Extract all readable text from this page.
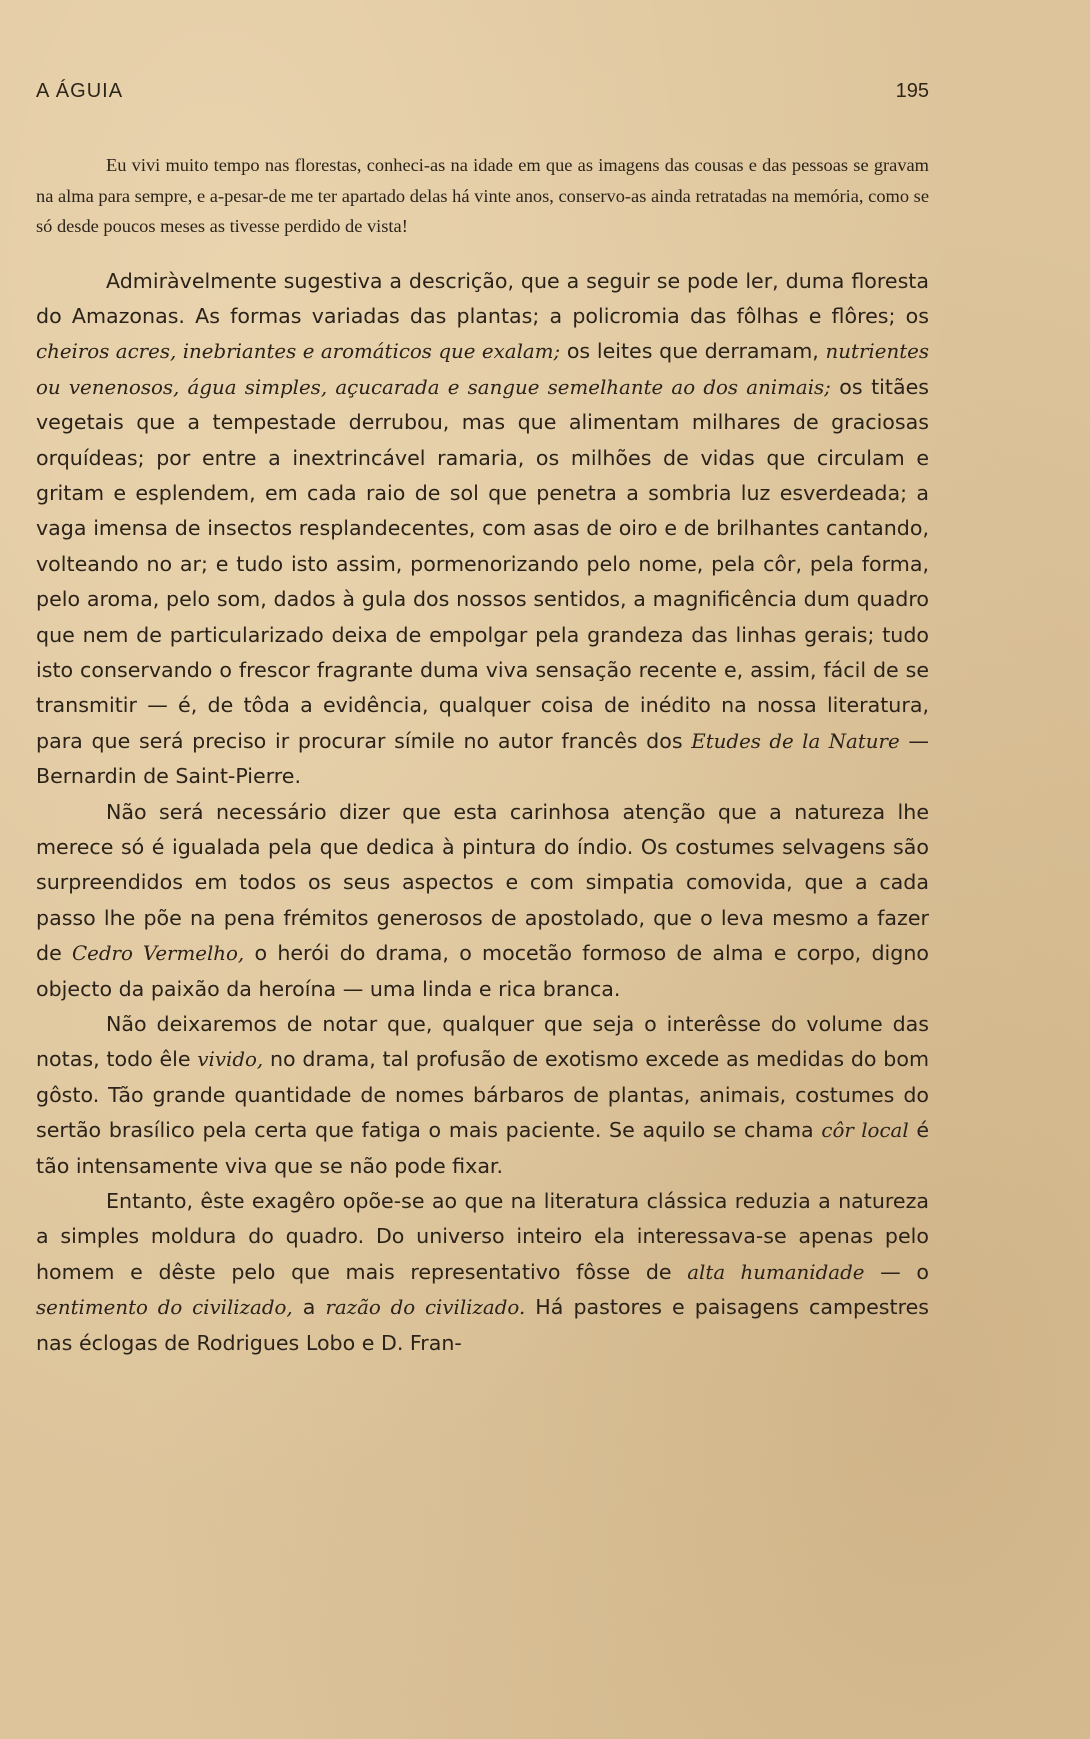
A ÁGUIA	195

Eu vivi muito tempo nas florestas, conheci-as na idade em que as imagens das cousas e das pessoas se gravam na alma para sempre, e a-pesar-de me ter apartado delas há vinte anos, conservo-as ainda retratadas na memória, como se só desde poucos meses as tivesse perdido de vista!

Admiràvelmente sugestiva a descrição, que a seguir se pode ler, duma floresta do Amazonas. As formas variadas das plantas; a policromia das fôlhas e flôres; os cheiros acres, inebriantes e aromáticos que exalam; os leites que derramam, nutrientes ou venenosos, água simples, açucarada e sangue semelhante ao dos animais; os titães vegetais que a tempestade derrubou, mas que alimentam milhares de graciosas orquídeas; por entre a inextrincável ramaria, os milhões de vidas que circulam e gritam e esplendem, em cada raio de sol que penetra a sombria luz esverdeada; a vaga imensa de insectos resplandecentes, com asas de oiro e de brilhantes cantando, volteando no ar; e tudo isto assim, pormenorizando pelo nome, pela côr, pela forma, pelo aroma, pelo som, dados à gula dos nossos sentidos, a magnificência dum quadro que nem de particularizado deixa de empolgar pela grandeza das linhas gerais; tudo isto conservando o frescor fragrante duma viva sensação recente e, assim, fácil de se transmitir — é, de tôda a evidência, qualquer coisa de inédito na nossa literatura, para que será preciso ir procurar símile no autor francês dos Etudes de la Nature — Bernardin de Saint-Pierre.

Não será necessário dizer que esta carinhosa atenção que a natureza lhe merece só é igualada pela que dedica à pintura do índio. Os costumes selvagens são surpreendidos em todos os seus aspectos e com simpatia comovida, que a cada passo lhe põe na pena frémitos generosos de apostolado, que o leva mesmo a fazer de Cedro Vermelho, o herói do drama, o mocetão formoso de alma e corpo, digno objecto da paixão da heroína — uma linda e rica branca.

Não deixaremos de notar que, qualquer que seja o interêsse do volume das notas, todo êle vivido, no drama, tal profusão de exotismo excede as medidas do bom gôsto. Tão grande quantidade de nomes bárbaros de plantas, animais, costumes do sertão brasílico pela certa que fatiga o mais paciente. Se aquilo se chama côr local é tão intensamente viva que se não pode fixar.

Entanto, êste exagêro opõe-se ao que na literatura clássica reduzia a natureza a simples moldura do quadro. Do universo inteiro ela interessava-se apenas pelo homem e dêste pelo que mais representativo fôsse de alta humanidade — o sentimento do civilizado, a razão do civilizado. Há pastores e paisagens campestres nas éclogas de Rodrigues Lobo e D. Fran-
